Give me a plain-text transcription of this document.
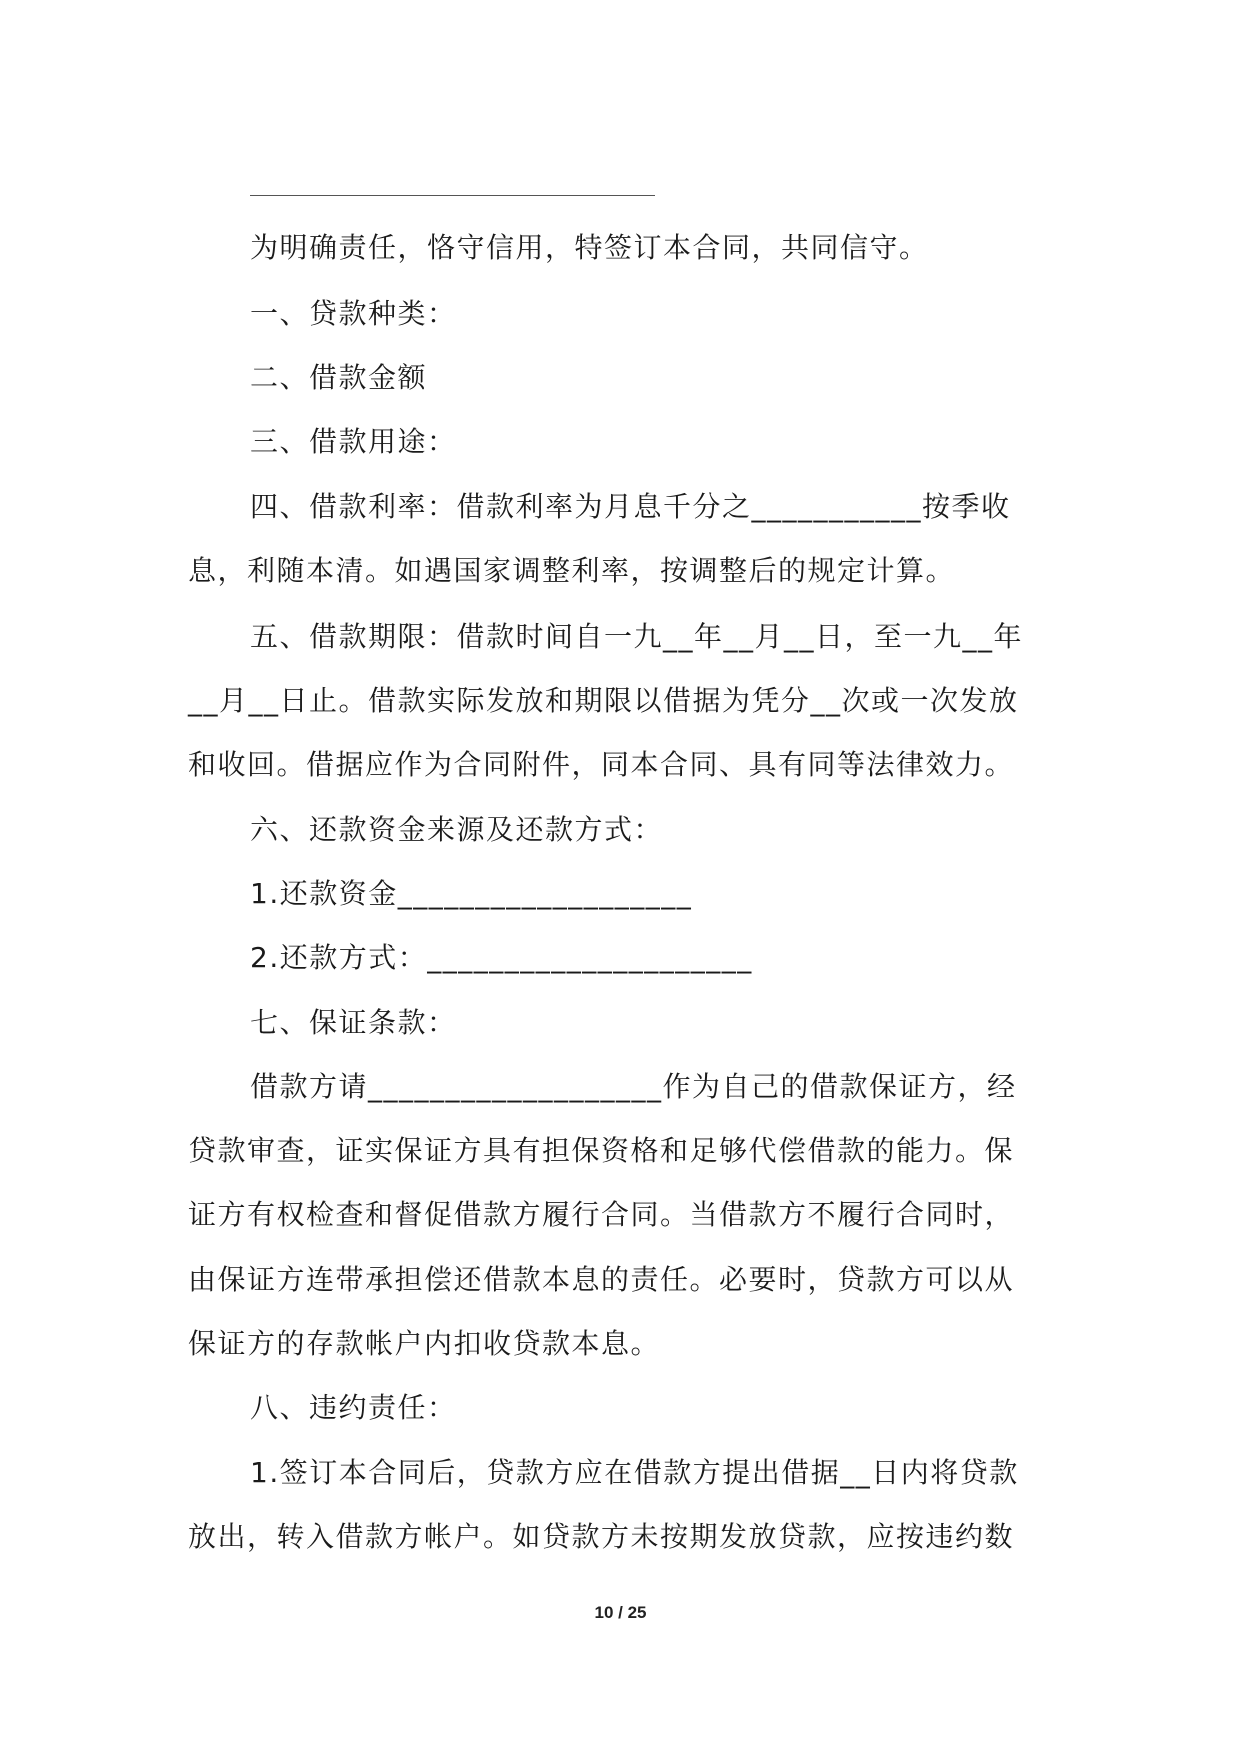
为明确责任，恪守信用，特签订本合同，共同信守。
一、贷款种类：
二、借款金额
三、借款用途：
四、借款利率：借款利率为月息千分之___________按季收
息，利随本清。如遇国家调整利率，按调整后的规定计算。
五、借款期限：借款时间自一九__年__月__日，至一九__年
__月__日止。借款实际发放和期限以借据为凭分__次或一次发放
和收回。借据应作为合同附件，同本合同、具有同等法律效力。
六、还款资金来源及还款方式：
1.还款资金___________________
2.还款方式：_____________________
七、保证条款：
借款方请___________________作为自己的借款保证方，经
贷款审查，证实保证方具有担保资格和足够代偿借款的能力。保
证方有权检查和督促借款方履行合同。当借款方不履行合同时，
由保证方连带承担偿还借款本息的责任。必要时，贷款方可以从
保证方的存款帐户内扣收贷款本息。
八、违约责任：
1.签订本合同后，贷款方应在借款方提出借据__日内将贷款
放出，转入借款方帐户。如贷款方未按期发放贷款，应按违约数
10 / 25
